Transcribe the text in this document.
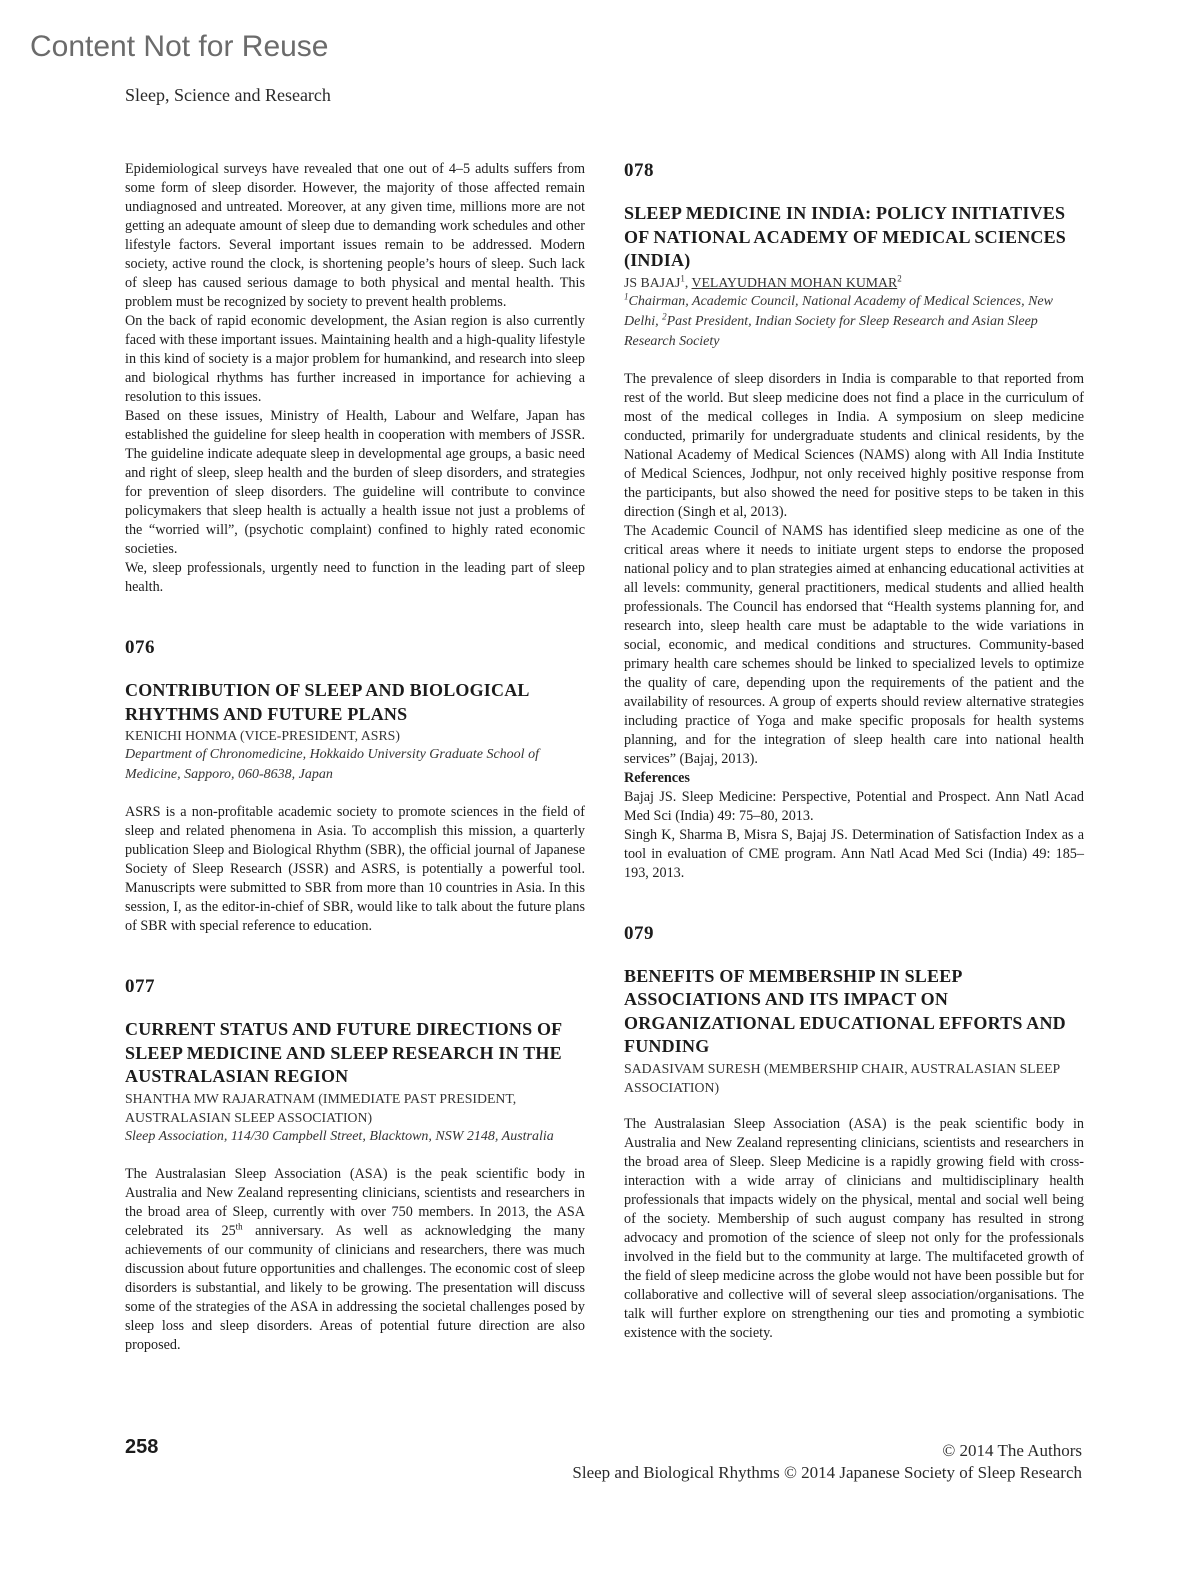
Content Not for Reuse
Sleep, Science and Research

Epidemiological surveys have revealed that one out of 4–5 adults suffers from some form of sleep disorder. However, the majority of those affected remain undiagnosed and untreated. Moreover, at any given time, millions more are not getting an adequate amount of sleep due to demanding work schedules and other lifestyle factors. Several important issues remain to be addressed. Modern society, active round the clock, is shortening people’s hours of sleep. Such lack of sleep has caused serious damage to both physical and mental health. This problem must be recognized by society to prevent health problems.

On the back of rapid economic development, the Asian region is also currently faced with these important issues. Maintaining health and a high-quality lifestyle in this kind of society is a major problem for humankind, and research into sleep and biological rhythms has further increased in importance for achieving a resolution to this issues.

Based on these issues, Ministry of Health, Labour and Welfare, Japan has established the guideline for sleep health in cooperation with members of JSSR. The guideline indicate adequate sleep in developmental age groups, a basic need and right of sleep, sleep health and the burden of sleep disorders, and strategies for prevention of sleep disorders. The guideline will contribute to convince policymakers that sleep health is actually a health issue not just a problems of the “worried will”, (psychotic complaint) confined to highly rated economic societies.

We, sleep professionals, urgently need to function in the leading part of sleep health.

076

CONTRIBUTION OF SLEEP AND BIOLOGICAL RHYTHMS AND FUTURE PLANS

KENICHI HONMA (VICE-PRESIDENT, ASRS)

Department of Chronomedicine, Hokkaido University Graduate School of Medicine, Sapporo, 060-8638, Japan

ASRS is a non-profitable academic society to promote sciences in the field of sleep and related phenomena in Asia. To accomplish this mission, a quarterly publication Sleep and Biological Rhythm (SBR), the official journal of Japanese Society of Sleep Research (JSSR) and ASRS, is potentially a powerful tool. Manuscripts were submitted to SBR from more than 10 countries in Asia. In this session, I, as the editor-in-chief of SBR, would like to talk about the future plans of SBR with special reference to education.

077

CURRENT STATUS AND FUTURE DIRECTIONS OF SLEEP MEDICINE AND SLEEP RESEARCH IN THE AUSTRALASIAN REGION

SHANTHA MW RAJARATNAM (IMMEDIATE PAST PRESIDENT, AUSTRALASIAN SLEEP ASSOCIATION)

Sleep Association, 114/30 Campbell Street, Blacktown, NSW 2148, Australia

The Australasian Sleep Association (ASA) is the peak scientific body in Australia and New Zealand representing clinicians, scientists and researchers in the broad area of Sleep, currently with over 750 members. In 2013, the ASA celebrated its 25th anniversary. As well as acknowledging the many achievements of our community of clinicians and researchers, there was much discussion about future opportunities and challenges. The economic cost of sleep disorders is substantial, and likely to be growing. The presentation will discuss some of the strategies of the ASA in addressing the societal challenges posed by sleep loss and sleep disorders. Areas of potential future direction are also proposed.

078

SLEEP MEDICINE IN INDIA: POLICY INITIATIVES OF NATIONAL ACADEMY OF MEDICAL SCIENCES (INDIA)

JS BAJAJ$^1$, VELAYUDHAN MOHAN KUMAR$^2$

$^1$Chairman, Academic Council, National Academy of Medical Sciences, New Delhi, $^2$Past President, Indian Society for Sleep Research and Asian Sleep Research Society

The prevalence of sleep disorders in India is comparable to that reported from rest of the world. But sleep medicine does not find a place in the curriculum of most of the medical colleges in India. A symposium on sleep medicine conducted, primarily for undergraduate students and clinical residents, by the National Academy of Medical Sciences (NAMS) along with All India Institute of Medical Sciences, Jodhpur, not only received highly positive response from the participants, but also showed the need for positive steps to be taken in this direction (Singh et al, 2013).

The Academic Council of NAMS has identified sleep medicine as one of the critical areas where it needs to initiate urgent steps to endorse the proposed national policy and to plan strategies aimed at enhancing educational activities at all levels: community, general practitioners, medical students and allied health professionals. The Council has endorsed that “Health systems planning for, and research into, sleep health care must be adaptable to the wide variations in social, economic, and medical conditions and structures. Community-based primary health care schemes should be linked to specialized levels to optimize the quality of care, depending upon the requirements of the patient and the availability of resources. A group of experts should review alternative strategies including practice of Yoga and make specific proposals for health systems planning, and for the integration of sleep health care into national health services” (Bajaj, 2013).

References

Bajaj JS. Sleep Medicine: Perspective, Potential and Prospect. Ann Natl Acad Med Sci (India) 49: 75–80, 2013.

Singh K, Sharma B, Misra S, Bajaj JS. Determination of Satisfaction Index as a tool in evaluation of CME program. Ann Natl Acad Med Sci (India) 49: 185–193, 2013.

079

BENEFITS OF MEMBERSHIP IN SLEEP ASSOCIATIONS AND ITS IMPACT ON ORGANIZATIONAL EDUCATIONAL EFFORTS AND FUNDING

SADASIVAM SURESH (MEMBERSHIP CHAIR, AUSTRALASIAN SLEEP ASSOCIATION)

The Australasian Sleep Association (ASA) is the peak scientific body in Australia and New Zealand representing clinicians, scientists and researchers in the broad area of Sleep. Sleep Medicine is a rapidly growing field with cross-interaction with a wide array of clinicians and multidisciplinary health professionals that impacts widely on the physical, mental and social well being of the society. Membership of such august company has resulted in strong advocacy and promotion of the science of sleep not only for the professionals involved in the field but to the community at large. The multifaceted growth of the field of sleep medicine across the globe would not have been possible but for collaborative and collective will of several sleep association/organisations. The talk will further explore on strengthening our ties and promoting a symbiotic existence with the society.

258	© 2014 The Authors
Sleep and Biological Rhythms © 2014 Japanese Society of Sleep Research
